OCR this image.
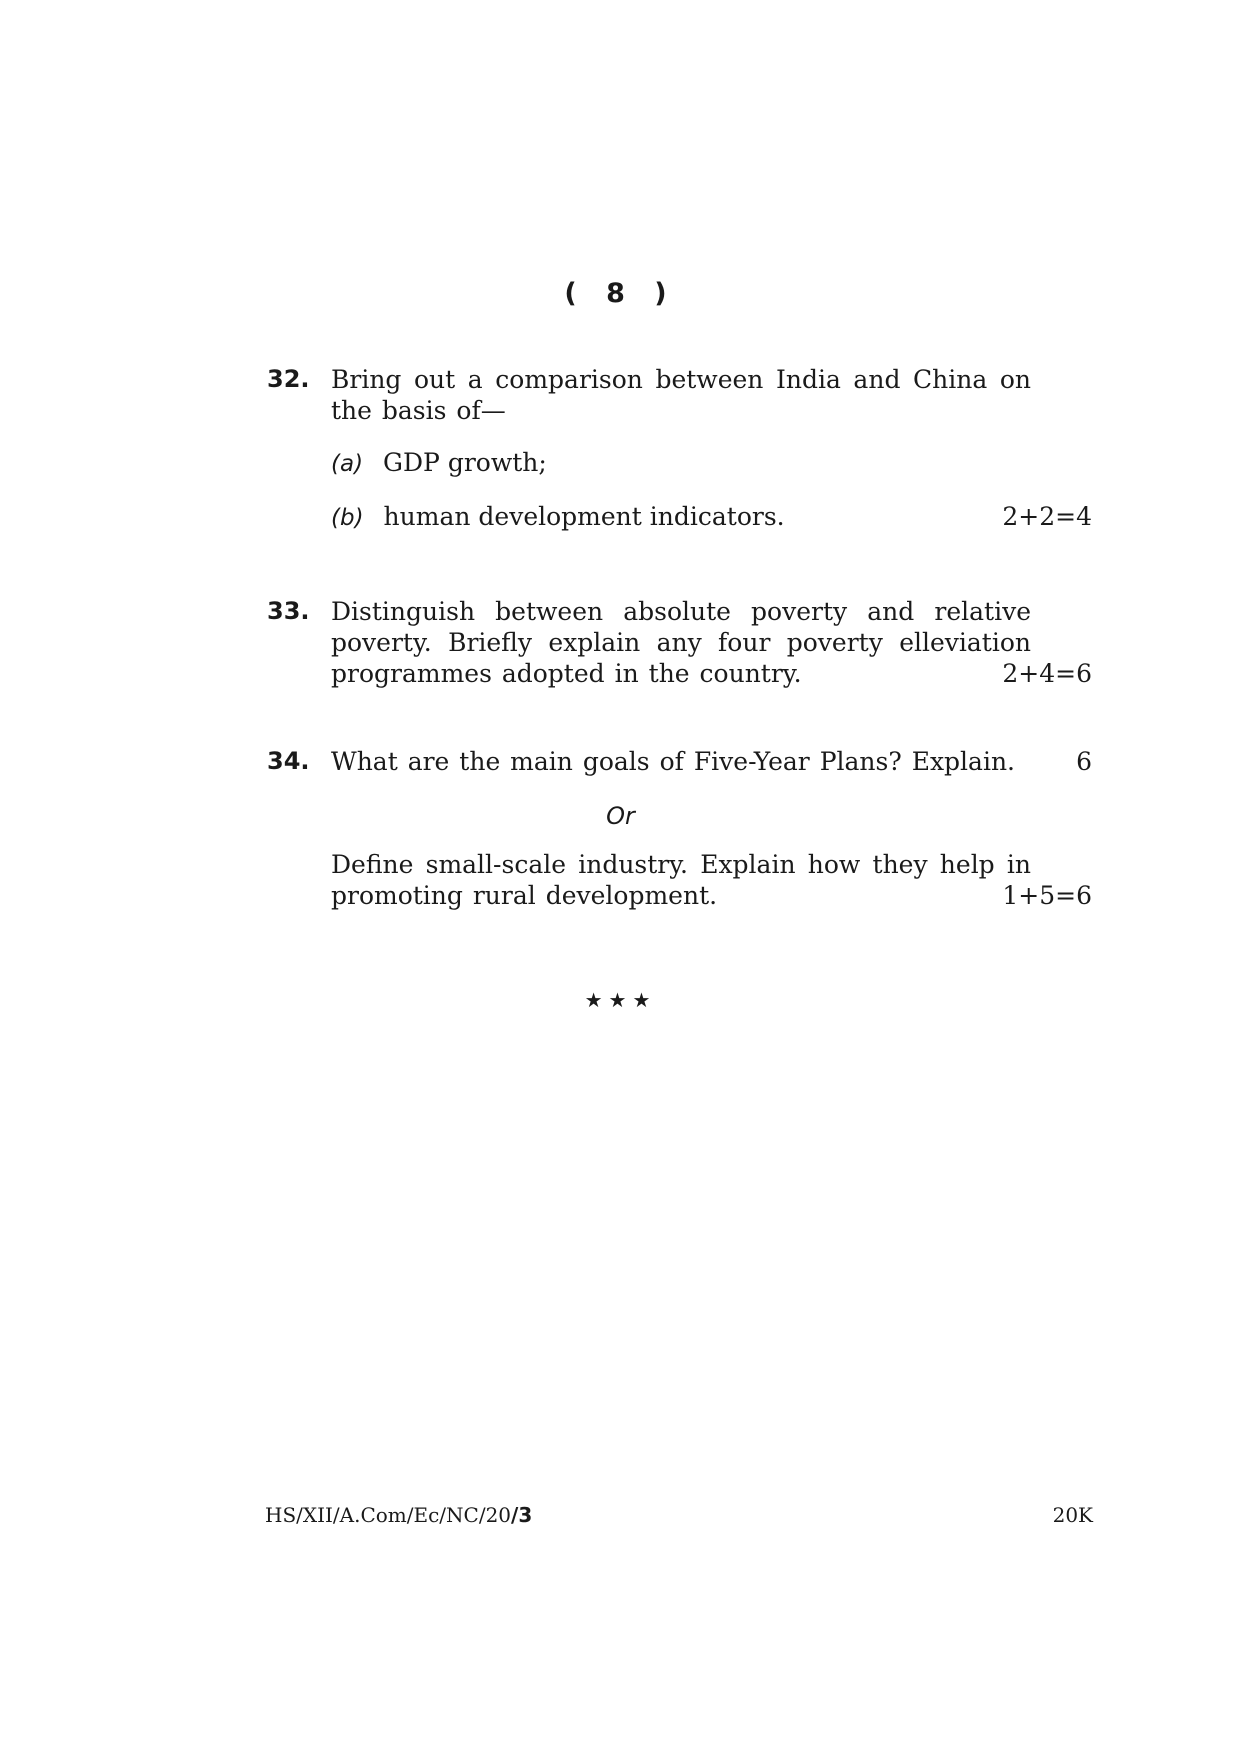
( 8 )
32. Bring out a comparison between India and China on the basis of—
(a) GDP growth;
(b) human development indicators.	2+2=4
33. Distinguish between absolute poverty and relative poverty. Briefly explain any four poverty elleviation programmes adopted in the country.	2+4=6
34. What are the main goals of Five-Year Plans? Explain.	6
Define small-scale industry. Explain how they help in promoting rural development.	1+5=6
Or
★★★
HS/XII/A.Com/Ec/NC/20/3	20K
